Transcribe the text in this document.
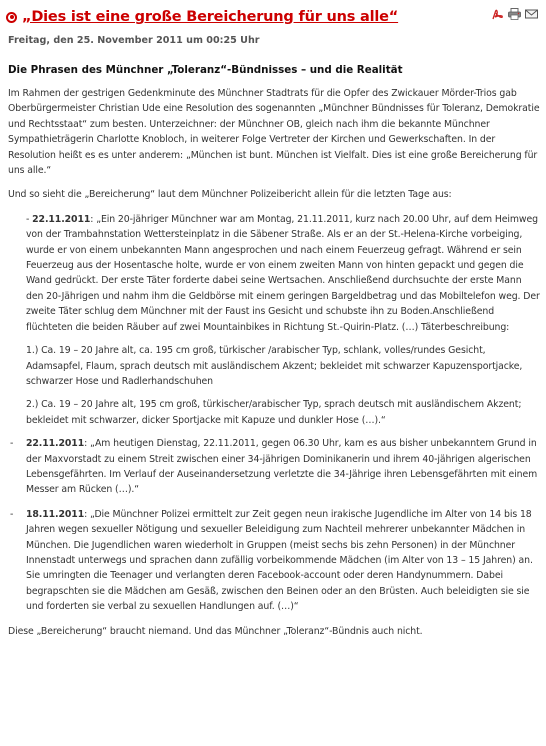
„Dies ist eine große Bereicherung für uns alle“
Freitag, den 25. November 2011 um 00:25 Uhr
Die Phrasen des Münchner „Toleranz“-Bündnisses – und die Realität

Im Rahmen der gestrigen Gedenkminute des Münchner Stadtrats für die Opfer des Zwickauer Mörder-Trios gab Oberbürgermeister Christian Ude eine Resolution des sogenannten „Münchner Bündnisses für Toleranz, Demokratie und Rechtsstaat“ zum besten. Unterzeichner: der Münchner OB, gleich nach ihm die bekannte Münchner Sympathieträgerin Charlotte Knobloch, in weiterer Folge Vertreter der Kirchen und Gewerkschaften. In der Resolution heißt es es unter anderem: „München ist bunt. München ist Vielfalt. Dies ist eine große Bereicherung für uns alle.“

Und so sieht die „Bereicherung“ laut dem Münchner Polizeibericht allein für die letzten Tage aus:

- 22.11.2011: „Ein 20-jähriger Münchner war am Montag, 21.11.2011, kurz nach 20.00 Uhr, auf dem Heimweg von der Trambahnstation Wettersteinplatz in die Säbener Straße. Als er an der St.-Helena-Kirche vorbeiging, wurde er von einem unbekannten Mann angesprochen und nach einem Feuerzeug gefragt. Während er sein Feuerzeug aus der Hosentasche holte, wurde er von einem zweiten Mann von hinten gepackt und gegen die Wand gedrückt. Der erste Täter forderte dabei seine Wertsachen. Anschließend durchsuchte der erste Mann den 20-Jährigen und nahm ihm die Geldbörse mit einem geringen Bargeldbetrag und das Mobiltelefon weg. Der zweite Täter schlug dem Münchner mit der Faust ins Gesicht und schubste ihn zu Boden.Anschließend flüchteten die beiden Räuber auf zwei Mountainbikes in Richtung St.-Quirin-Platz. (…) Täterbeschreibung:

1.) Ca. 19 – 20 Jahre alt, ca. 195 cm groß, türkischer /arabischer Typ, schlank, volles/rundes Gesicht, Adamsapfel, Flaum, sprach deutsch mit ausländischem Akzent; bekleidet mit schwarzer Kapuzensportjacke, schwarzer Hose und Radlerhandschuhen

2.) Ca. 19 – 20 Jahre alt, 195 cm groß, türkischer/arabischer Typ, sprach deutsch mit ausländischem Akzent; bekleidet mit schwarzer, dicker Sportjacke mit Kapuze und dunkler Hose (…).“

- 22.11.2011: „Am heutigen Dienstag, 22.11.2011, gegen 06.30 Uhr, kam es aus bisher unbekanntem Grund in der Maxvorstadt zu einem Streit zwischen einer 34-jährigen Dominikanerin und ihrem 40-jährigen algerischen Lebensgefährten. Im Verlauf der Auseinandersetzung verletzte die 34-Jährige ihren Lebensgefährten mit einem Messer am Rücken (…).“

- 18.11.2011: „Die Münchner Polizei ermittelt zur Zeit gegen neun irakische Jugendliche im Alter von 14 bis 18 Jahren wegen sexueller Nötigung und sexueller Beleidigung zum Nachteil mehrerer unbekannter Mädchen in München. Die Jugendlichen waren wiederholt in Gruppen (meist sechs bis zehn Personen) in der Münchner Innenstadt unterwegs und sprachen dann zufällig vorbeikommende Mädchen (im Alter von 13 – 15 Jahren) an. Sie umringten die Teenager und verlangten deren Facebook-account oder deren Handynummern. Dabei begrapschten sie die Mädchen am Gesäß, zwischen den Beinen oder an den Brüsten. Auch beleidigten sie sie und forderten sie verbal zu sexuellen Handlungen auf. (…)“

Diese „Bereicherung“ braucht niemand. Und das Münchner „Toleranz“-Bündnis auch nicht.
